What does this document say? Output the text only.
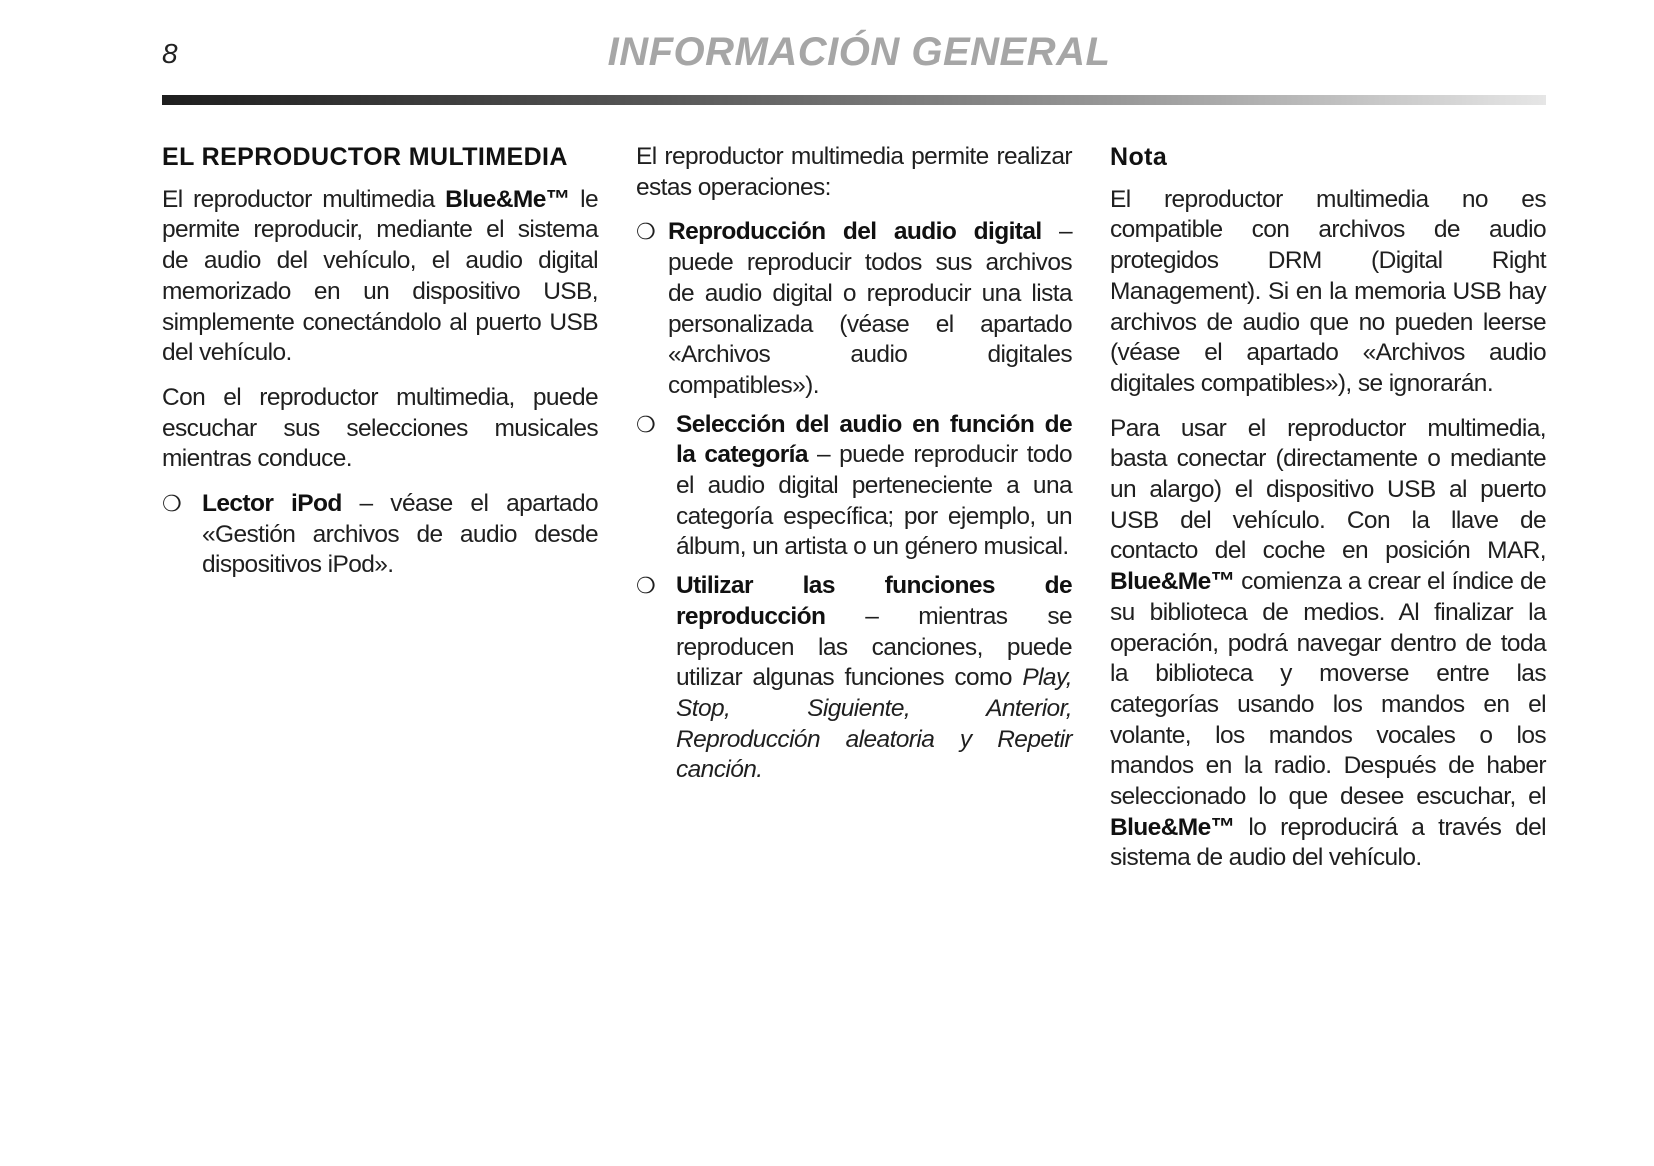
8	INFORMACIÓN GENERAL
EL REPRODUCTOR MULTIMEDIA

El reproductor multimedia Blue&Me™ le permite reproducir, mediante el sistema de audio del vehículo, el audio digital memorizado en un dispositivo USB, simplemente conectándolo al puerto USB del vehículo.

Con el reproductor multimedia, puede escuchar sus selecciones musicales mientras conduce.

❍ Lector iPod – véase el apartado «Gestión archivos de audio desde dispositivos iPod».

El reproductor multimedia permite realizar estas operaciones:

❍ Reproducción del audio digital – puede reproducir todos sus archivos de audio digital o reproducir una lista personalizada (véase el apartado «Archivos audio digitales compatibles»).
❍ Selección del audio en función de la categoría – puede reproducir todo el audio digital perteneciente a una categoría específica; por ejemplo, un álbum, un artista o un género musical.
❍ Utilizar las funciones de reproducción – mientras se reproducen las canciones, puede utilizar algunas funciones como Play, Stop, Siguiente, Anterior, Reproducción aleatoria y Repetir canción.
Nota

El reproductor multimedia no es compatible con archivos de audio protegidos DRM (Digital Right Management). Si en la memoria USB hay archivos de audio que no pueden leerse (véase el apartado «Archivos audio digitales compatibles»), se ignorarán.

Para usar el reproductor multimedia, basta conectar (directamente o mediante un alargo) el dispositivo USB al puerto USB del vehículo. Con la llave de contacto del coche en posición MAR, Blue&Me™ comienza a crear el índice de su biblioteca de medios. Al finalizar la operación, podrá navegar dentro de toda la biblioteca y moverse entre las categorías usando los mandos en el volante, los mandos vocales o los mandos en la radio. Después de haber seleccionado lo que desee escuchar, el Blue&Me™ lo reproducirá a través del sistema de audio del vehículo.
